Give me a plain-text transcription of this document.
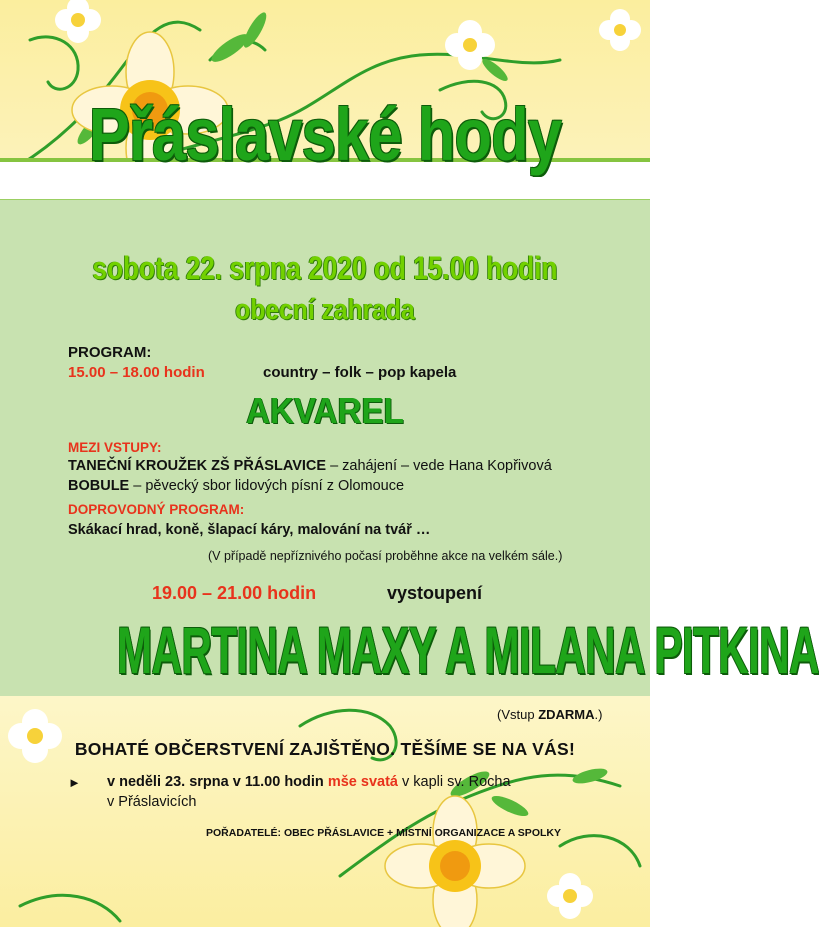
Přáslavské hody
sobota 22. srpna 2020 od 15.00 hodin
obecní zahrada
PROGRAM:
15.00 – 18.00 hodin	country – folk – pop kapela
AKVAREL
MEZI VSTUPY:
TANEČNÍ KROUŽEK ZŠ PŘÁSLAVICE – zahájení – vede Hana Kopřivová
BOBULE – pěvecký sbor lidových písní z Olomouce
DOPROVODNÝ PROGRAM:
Skákací hrad, koně, šlapací káry, malování na tvář …
(V případě nepříznivého počasí proběhne akce na velkém sále.)
19.00 – 21.00 hodin	vystoupení
MARTINA MAXY A MILANA PITKINA
(Vstup ZDARMA.)
BOHATÉ OBČERSTVENÍ ZAJIŠTĚNO. TĚŠÍME SE NA VÁS!
► v neděli 23. srpna v 11.00 hodin mše svatá v kapli sv. Rocha
v Přáslavicích
POŘADATELÉ: OBEC PŘÁSLAVICE + MÍSTNÍ ORGANIZACE A SPOLKY
